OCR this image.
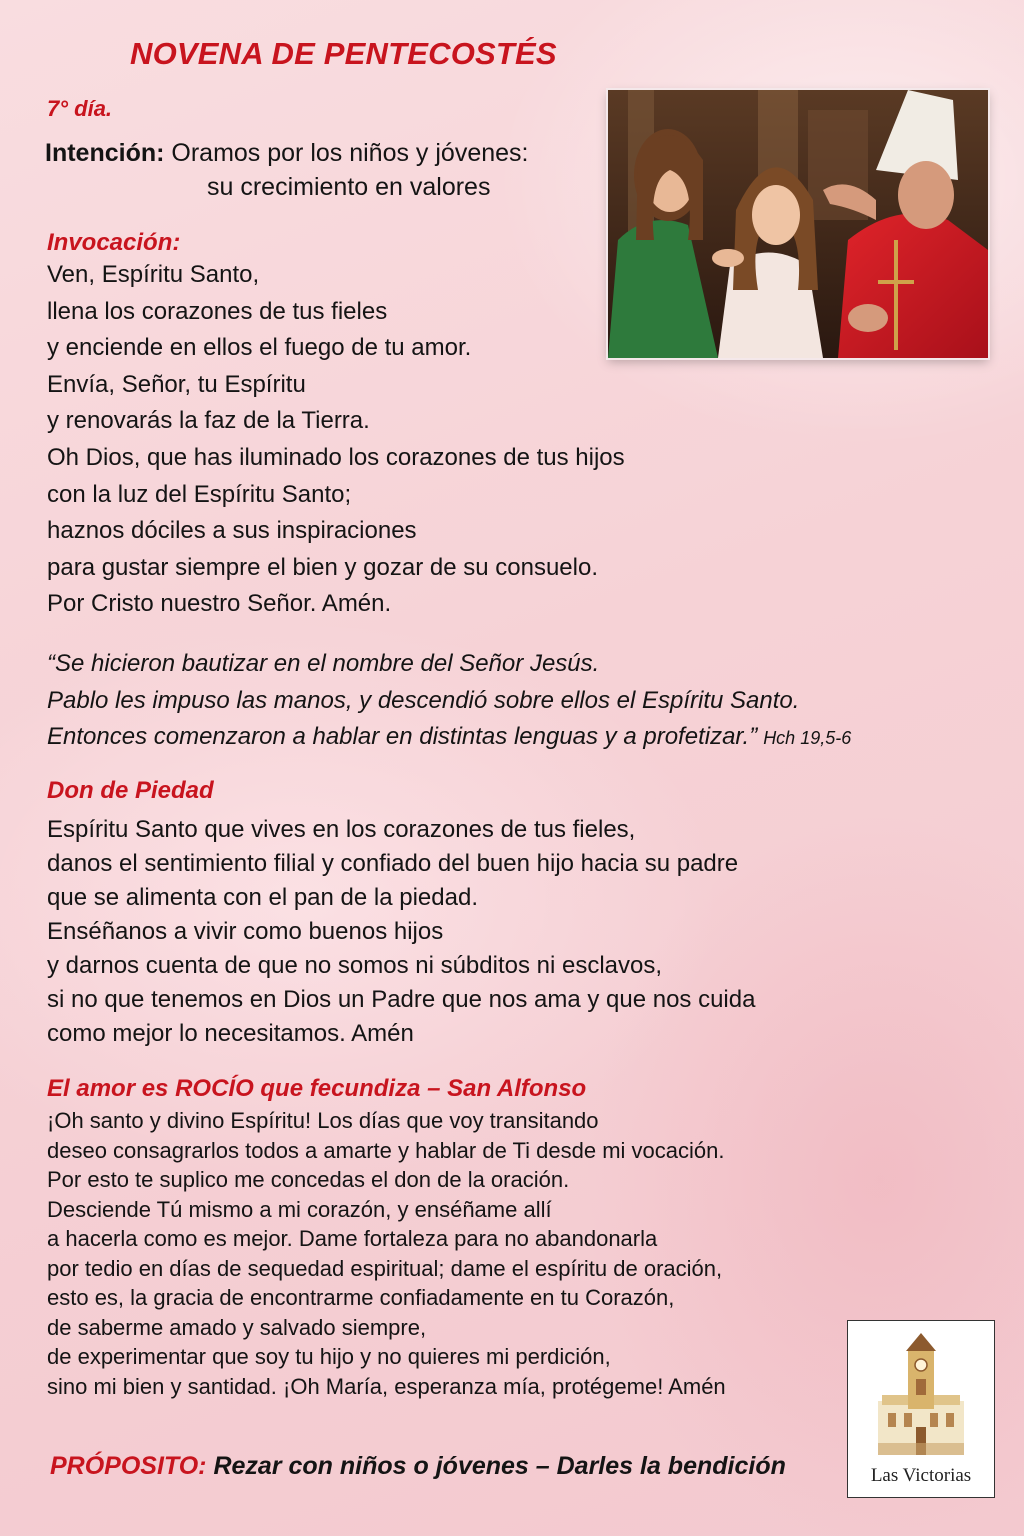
NOVENA DE PENTECOSTÉS
7° día.
Intención: Oramos por los niños y jóvenes:
su crecimiento en valores
Invocación:
Ven, Espíritu Santo,
llena los corazones de tus fieles
y enciende en ellos el fuego de tu amor.
Envía, Señor, tu Espíritu
y renovarás la faz de la Tierra.
Oh Dios, que has iluminado los corazones de tus hijos
con la luz del Espíritu Santo;
haznos dóciles a sus inspiraciones
para gustar siempre el bien y gozar de su consuelo.
Por Cristo nuestro Señor. Amén.
“Se hicieron bautizar en el nombre del Señor Jesús.
Pablo les impuso las manos, y descendió sobre ellos el Espíritu Santo.
Entonces comenzaron a hablar en distintas lenguas y a profetizar.” Hch 19,5-6
Don de Piedad
Espíritu Santo que vives en los corazones de tus fieles,
danos el sentimiento filial y confiado del buen hijo hacia su padre
que se alimenta con el pan de la piedad.
Enséñanos a vivir como buenos hijos
y darnos cuenta de que no somos ni súbditos ni esclavos,
si no que tenemos en Dios un Padre que nos ama y que nos cuida
como mejor lo necesitamos. Amén
El amor es ROCÍO que fecundiza – San Alfonso
¡Oh santo y divino Espíritu! Los días que voy transitando
deseo consagrarlos todos a amarte y hablar de Ti desde mi vocación.
Por esto te suplico me concedas el don de la oración.
Desciende Tú mismo a mi corazón, y enséñame allí
a hacerla como es mejor. Dame fortaleza para no abandonarla
por tedio en días de sequedad espiritual; dame el espíritu de oración,
esto es, la gracia de encontrarme confiadamente en tu Corazón,
de saberme amado y salvado siempre,
de experimentar que soy tu hijo y no quieres mi perdición,
sino mi bien y santidad. ¡Oh María, esperanza mía, protégeme! Amén
PRÓPOSITO: Rezar con niños o jóvenes – Darles la bendición	Las Victorias
